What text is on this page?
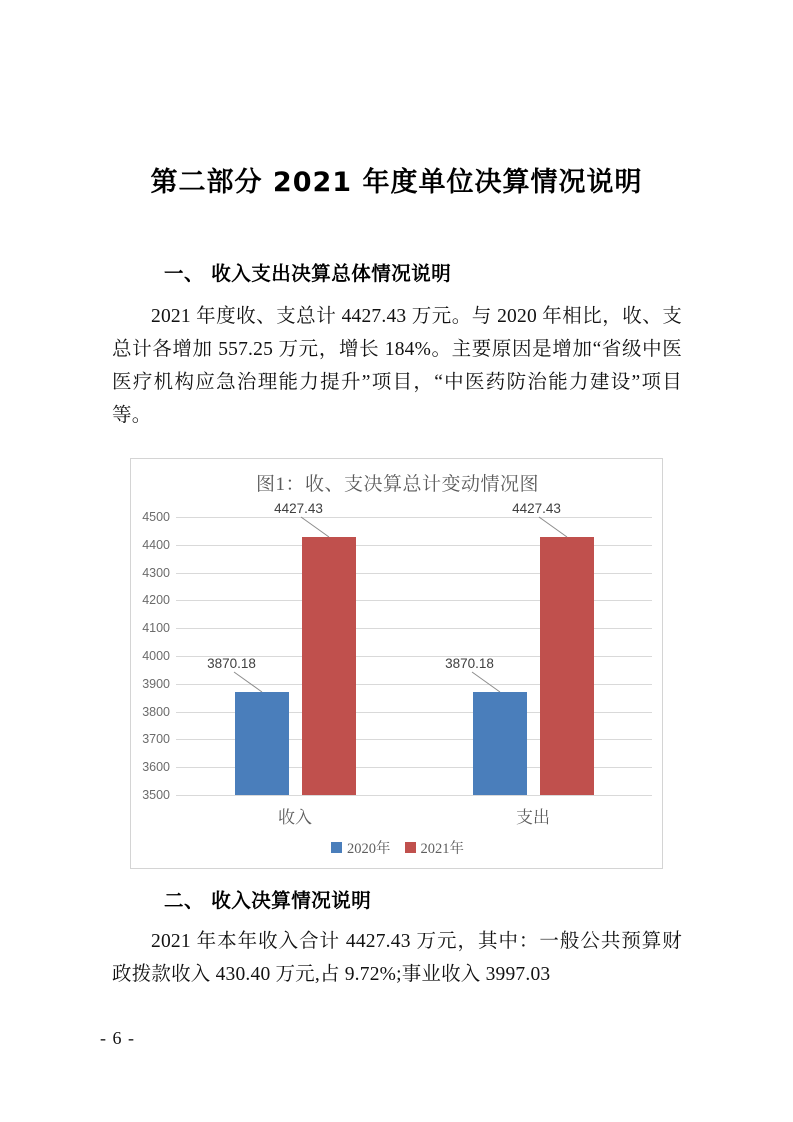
第二部分 2021 年度单位决算情况说明
一、 收入支出决算总体情况说明
2021 年度收、支总计 4427.43 万元。与 2020 年相比，收、支总计各增加 557.25 万元，增长 184%。主要原因是增加“省级中医医疗机构应急治理能力提升”项目，“中医药防治能力建设”项目等。
图1：收、支决算总计变动情况图
4500
4400
4300
4200
4100
4000
3900
3800
3700
3600
3500
3870.18
4427.43
3870.18
4427.43
收入	支出
2020年 2021年
二、 收入决算情况说明
2021 年本年收入合计 4427.43 万元，其中：一般公共预算财政拨款收入 430.40 万元,占 9.72%;事业收入 3997.03
- 6 -
